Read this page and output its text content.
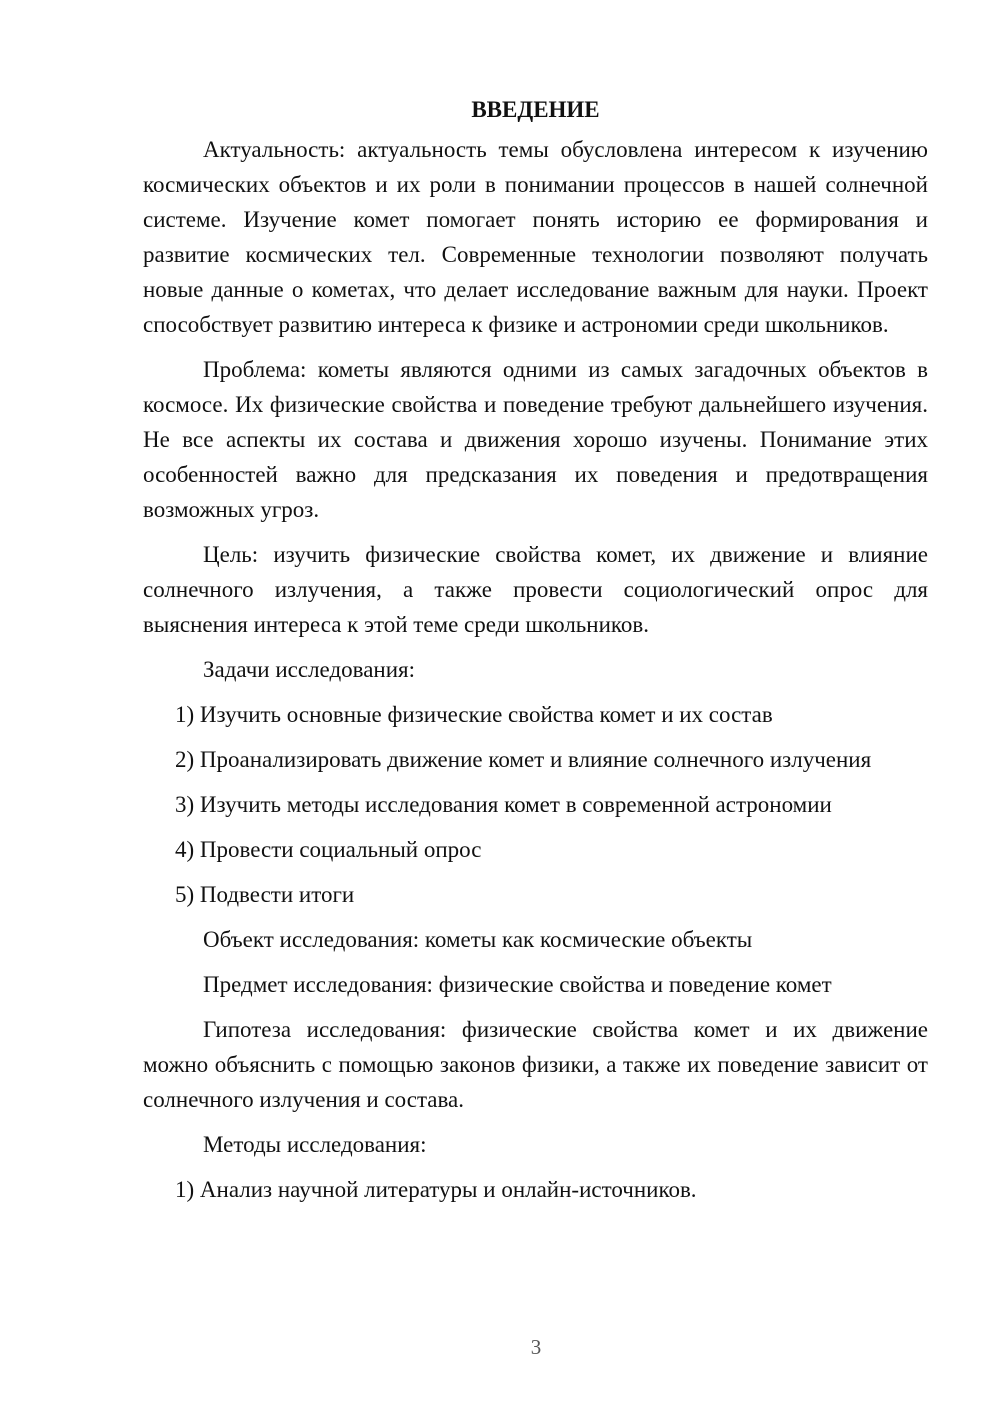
ВВЕДЕНИЕ

Актуальность: актуальность темы обусловлена интересом к изучению космических объектов и их роли в понимании процессов в нашей солнечной системе. Изучение комет помогает понять историю ее формирования и развитие космических тел. Современные технологии позволяют получать новые данные о кометах, что делает исследование важным для науки. Проект способствует развитию интереса к физике и астрономии среди школьников.

Проблема: кометы являются одними из самых загадочных объектов в космосе. Их физические свойства и поведение требуют дальнейшего изучения. Не все аспекты их состава и движения хорошо изучены. Понимание этих особенностей важно для предсказания их поведения и предотвращения возможных угроз.

Цель: изучить физические свойства комет, их движение и влияние солнечного излучения, а также провести социологический опрос для выяснения интереса к этой теме среди школьников.

Задачи исследования:

1) Изучить основные физические свойства комет и их состав

2) Проанализировать движение комет и влияние солнечного излучения

3) Изучить методы исследования комет в современной астрономии

4) Провести социальный опрос

5) Подвести итоги

Объект исследования: кометы как космические объекты

Предмет исследования: физические свойства и поведение комет

Гипотеза исследования: физические свойства комет и их движение можно объяснить с помощью законов физики, а также их поведение зависит от солнечного излучения и состава.

Методы исследования:

1) Анализ научной литературы и онлайн-источников.

3
